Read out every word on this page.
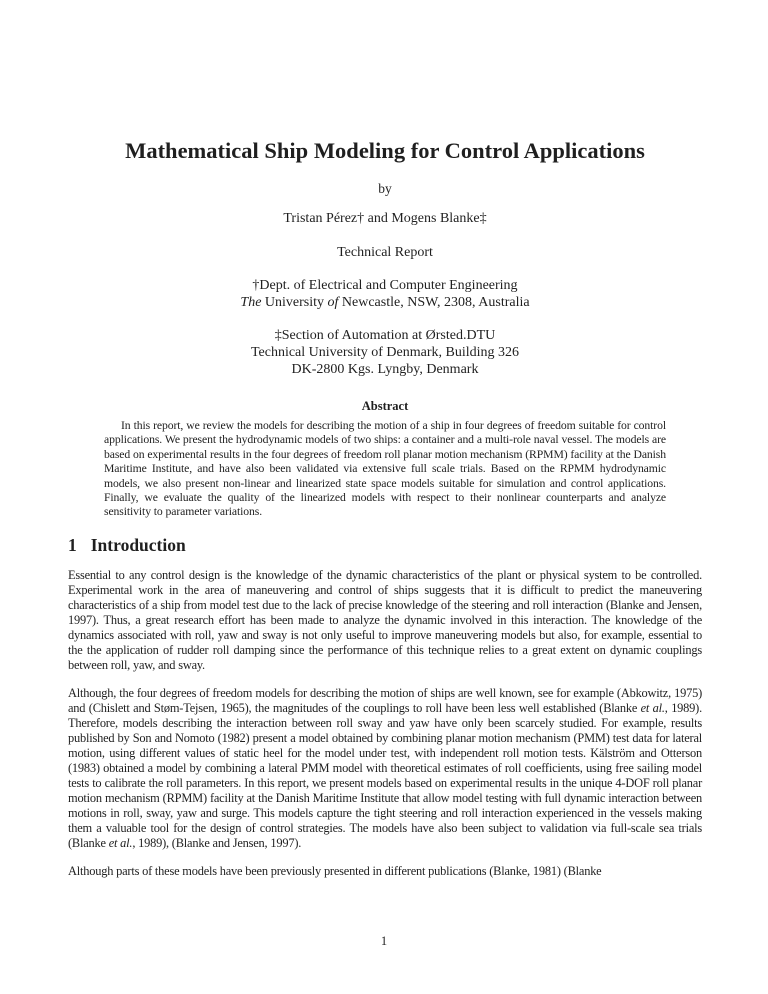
Mathematical Ship Modeling for Control Applications
by
Tristan Pérez† and Mogens Blanke‡
Technical Report
†Dept. of Electrical and Computer Engineering
The University of Newcastle, NSW, 2308, Australia
‡Section of Automation at Ørsted.DTU
Technical University of Denmark, Building 326
DK-2800 Kgs. Lyngby, Denmark
Abstract
In this report, we review the models for describing the motion of a ship in four degrees of freedom suitable for control applications. We present the hydrodynamic models of two ships: a container and a multi-role naval vessel. The models are based on experimental results in the four degrees of freedom roll planar motion mechanism (RPMM) facility at the Danish Maritime Institute, and have also been validated via extensive full scale trials. Based on the RPMM hydrodynamic models, we also present non-linear and linearized state space models suitable for simulation and control applications. Finally, we evaluate the quality of the linearized models with respect to their nonlinear counterparts and analyze sensitivity to parameter variations.
1 Introduction

Essential to any control design is the knowledge of the dynamic characteristics of the plant or physical system to be controlled. Experimental work in the area of maneuvering and control of ships suggests that it is difficult to predict the maneuvering characteristics of a ship from model test due to the lack of precise knowledge of the steering and roll interaction (Blanke and Jensen, 1997). Thus, a great research effort has been made to analyze the dynamic involved in this interaction. The knowledge of the dynamics associated with roll, yaw and sway is not only useful to improve maneuvering models but also, for example, essential to the the application of rudder roll damping since the performance of this technique relies to a great extent on dynamic couplings between roll, yaw, and sway.

Although, the four degrees of freedom models for describing the motion of ships are well known, see for example (Abkowitz, 1975) and (Chislett and Støm-Tejsen, 1965), the magnitudes of the couplings to roll have been less well established (Blanke et al., 1989). Therefore, models describing the interaction between roll sway and yaw have only been scarcely studied. For example, results published by Son and Nomoto (1982) present a model obtained by combining planar motion mechanism (PMM) test data for lateral motion, using different values of static heel for the model under test, with independent roll motion tests. Kälström and Otterson (1983) obtained a model by combining a lateral PMM model with theoretical estimates of roll coefficients, using free sailing model tests to calibrate the roll parameters. In this report, we present models based on experimental results in the unique 4-DOF roll planar motion mechanism (RPMM) facility at the Danish Maritime Institute that allow model testing with full dynamic interaction between motions in roll, sway, yaw and surge. This models capture the tight steering and roll interaction experienced in the vessels making them a valuable tool for the design of control strategies. The models have also been subject to validation via full-scale sea trials (Blanke et al., 1989), (Blanke and Jensen, 1997).

Although parts of these models have been previously presented in different publications (Blanke, 1981) (Blanke

1
